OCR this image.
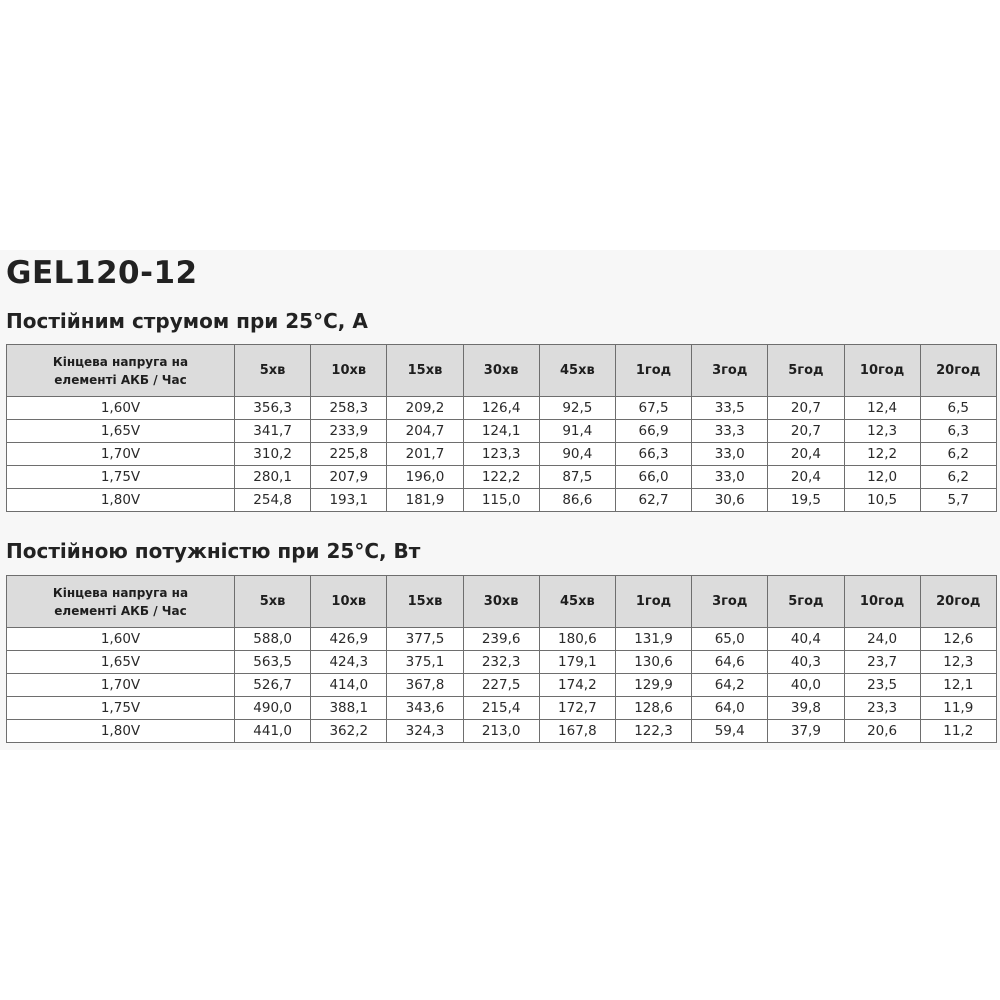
GEL120-12
Постійним струмом при 25°С, А
Кінцева напруга на
елементі АКБ / Час	5хв	10хв	15хв	30хв	45хв	1год	3год	5год	10год	20год
1,60V	356,3	258,3	209,2	126,4	92,5	67,5	33,5	20,7	12,4	6,5
1,65V	341,7	233,9	204,7	124,1	91,4	66,9	33,3	20,7	12,3	6,3
1,70V	310,2	225,8	201,7	123,3	90,4	66,3	33,0	20,4	12,2	6,2
1,75V	280,1	207,9	196,0	122,2	87,5	66,0	33,0	20,4	12,0	6,2
1,80V	254,8	193,1	181,9	115,0	86,6	62,7	30,6	19,5	10,5	5,7
Постійною потужністю при 25°С, Вт
Кінцева напруга на
елементі АКБ / Час	5хв	10хв	15хв	30хв	45хв	1год	3год	5год	10год	20год
1,60V	588,0	426,9	377,5	239,6	180,6	131,9	65,0	40,4	24,0	12,6
1,65V	563,5	424,3	375,1	232,3	179,1	130,6	64,6	40,3	23,7	12,3
1,70V	526,7	414,0	367,8	227,5	174,2	129,9	64,2	40,0	23,5	12,1
1,75V	490,0	388,1	343,6	215,4	172,7	128,6	64,0	39,8	23,3	11,9
1,80V	441,0	362,2	324,3	213,0	167,8	122,3	59,4	37,9	20,6	11,2
